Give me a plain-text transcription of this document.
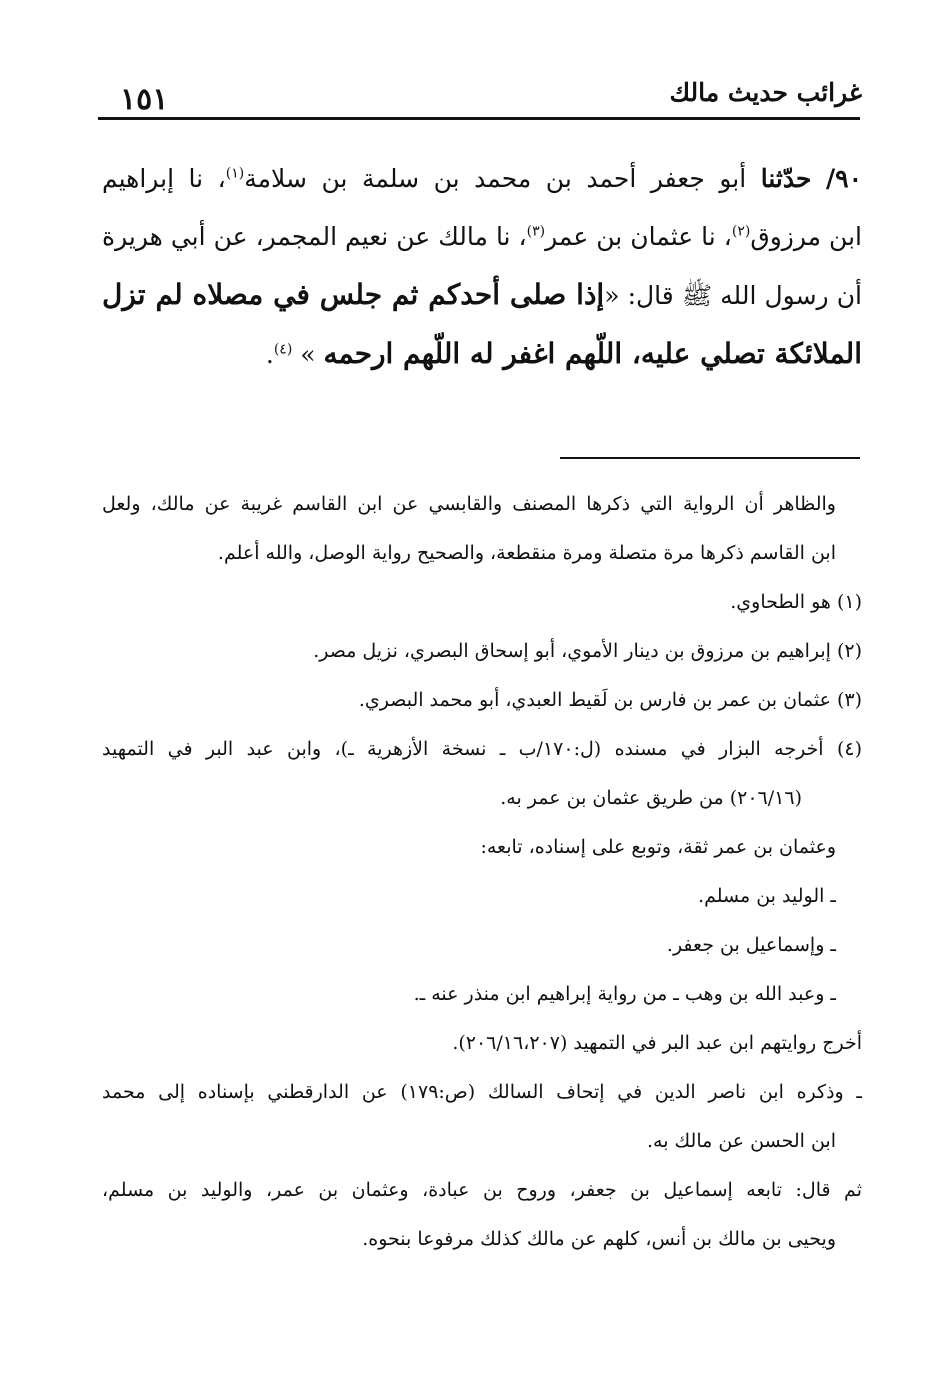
غرائب حديث مالك
١٥١
٩٠/ حدّثنا أبو جعفر أحمد بن محمد بن سلمة بن سلامة$^{(١)}$، نا إبراهيم
ابن مرزوق$^{(٢)}$، نا عثمان بن عمر$^{(٣)}$، نا مالك عن نعيم المجمر، عن أبي هريرة
أن رسول الله ﷺ قال: «إذا صلى أحدكم ثم جلس في مصلاه لم تزل
الملائكة تصلي عليه، اللّهم اغفر له اللّهم ارحمه » $^{(٤)}$.
والظاهر أن الرواية التي ذكرها المصنف والقابسي عن ابن القاسم غريبة عن مالك، ولعل
ابن القاسم ذكرها مرة متصلة ومرة منقطعة، والصحيح رواية الوصل، والله أعلم.
(١) هو الطحاوي.
(٢) إبراهيم بن مرزوق بن دينار الأموي، أبو إسحاق البصري، نزيل مصر.
(٣) عثمان بن عمر بن فارس بن لَقيط العبدي، أبو محمد البصري.
(٤) أخرجه البزار في مسنده (ل:١٧٠/ب ـ نسخة الأزهرية ـ)، وابن عبد البر في التمهيد
(٢٠٦/١٦) من طريق عثمان بن عمر به.
وعثمان بن عمر ثقة، وتوبع على إسناده، تابعه:
ـ الوليد بن مسلم.
ـ وإسماعيل بن جعفر.
ـ وعبد الله بن وهب ـ من رواية إبراهيم ابن منذر عنه ـ.
أخرج روايتهم ابن عبد البر في التمهيد (٢٠٦/١٦،٢٠٧).
ـ وذكره ابن ناصر الدين في إتحاف السالك (ص:١٧٩) عن الدارقطني بإسناده إلى محمد
ابن الحسن عن مالك به.
ثم قال: تابعه إسماعيل بن جعفر، وروح بن عبادة، وعثمان بن عمر، والوليد بن مسلم،
ويحيى بن مالك بن أنس، كلهم عن مالك كذلك مرفوعا بنحوه.
